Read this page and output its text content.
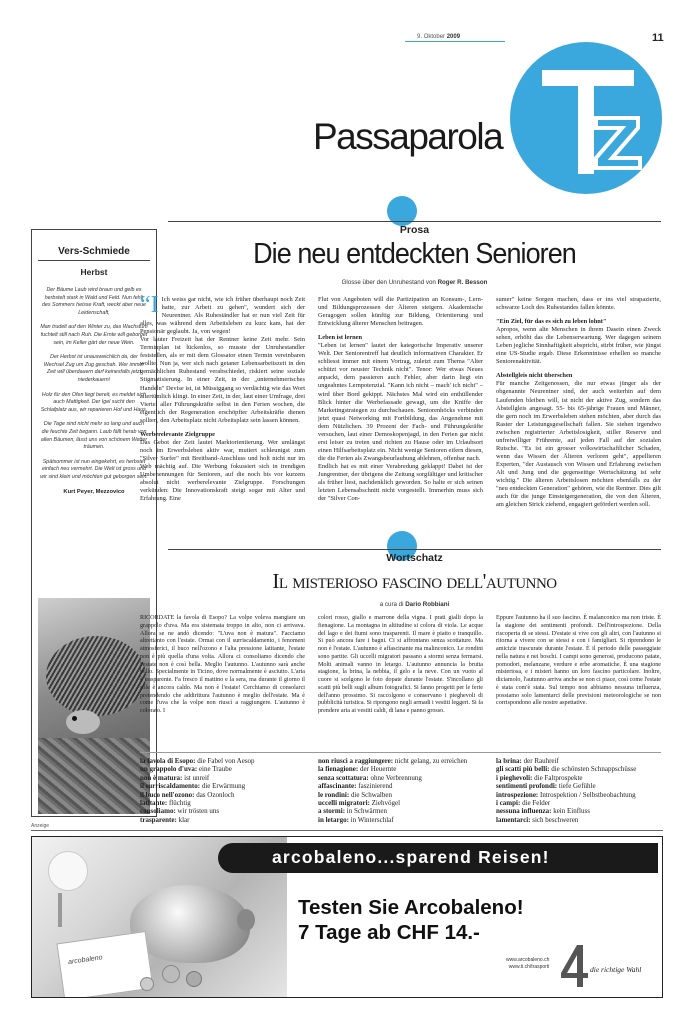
9. Oktober 2009	11
Passaparola
Vers-Schmiede
Herbst

Der Bäume Laub wird braun und gelb es herbstelt stark in Wald und Feld. Nun fehlt des Sommers heisse Kraft, weckt aber neue Leidenschaft,

Man trudelt auf den Winter zu, das Wachstum fuchtelt still nach Ruh. Die Ernte will geborget sein, im Keller gärt der neue Wein.

Der Herbst ist unausweichlich da, der Wechsel Zug um Zug geschah. Wer immer Zeit will überdauern darf keinesfalls jetzt niederkauern!

Holz für den Ofen liegt bereit, es meldet sich auch Mattigkeit. Der Igel sucht den Schlafplatz aus, wir reparieren Hof und Haus.

Die Tage sind nicht mehr so lang und auch die feuchte Zeit begann. Laub fällt herab von allen Bäumen, lässt uns von schönem Wetter träumen.

Spätsommer ist nun eingekehrt, es herbstet einfach neu vermehrt. Die Welt ist gross und wir sind klein und möchten gut geborgen sein.

Kurt Peyer, Mezzovico
Prosa
Die neu entdeckten Senioren
Glosse über den Unruhestand von Roger R. Besson

“I Ich weiss gar nicht, wie ich früher überhaupt noch Zeit hatte, zur Arbeit zu gehen", wundert sich der Neurentner. Als Ruheständler hat er nun viel Zeit für alles, was während dem Arbeitsleben zu kurz kam, hat der Pensionär geglaubt. Ja, von wegen!

Vor lauter Freizeit hat der Rentner keine Zeit mehr. Sein Terminplan ist lückenlos, so musste der Unruhestandler feststellen, als er mit dem Glossator einen Termin vereinbaren wollte. Nun ja, wer sich nach getaner Lebensarbeitszeit in den gemächlichen Ruhestand verabschiedet, riskiert seine soziale Stigmatisierung. In einer Zeit, in der „unternehmerisches Handeln" Devise ist, ist Müssiggang so verdächtig wie das Wort altertümlich klingt. In einer Zeit, in der, laut einer Umfrage, drei Viertel aller Führungskräfte selbst in den Ferien wochen, die eigentlich der Regeneration erschöpfter Arbeitskräfte dienen sollten, den Arbeitsplatz nicht Arbeitsplatz sein lassen können.

Werberelevante Zielgruppe

Das Gebot der Zeit lautet Marktorientierung. Wer umlängst noch im Erwerbsleben aktiv war, mutiert schleunigst zum "Silver Surfer" mit Breitband-Anschluss und holt nicht nur im Web mächtig auf. Die Werbung fokussiert sich in trendigen Umbenennungen für Senioren, auf die noch bis vor kurzem absolut nicht werberelevante Zielgruppe. Forschungen verkünden: Die Innovationskraft steigt sogar mit Alter und Erfahrung. Eine

Flut von Angeboten will die Partizipation an Konsum-, Lern- und Bildungsprozessen der Älteren steigern. Akademische Geragogen sollen künftig zur Bildung, Orientierung und Entwicklung älterer Menschen beitragen.

Leben ist lernen

"Leben ist lernen" lautet der kategorische Imperativ unserer Welt. Der Seniorentreff hat deutlich informativen Charakter. Er schliesst immer mit einem Vortrag, zuletzt zum Thema "Alter schützt vor neuster Technik nicht". Tenor: Wer etwas Neues anpackt, dem passieren auch Fehler, aber darin liegt ein ungeahntes Lernpotenzial. "Kann ich nicht – mach' ich nicht" – wird über Bord gekippt. Nächstes Mal wird ein enthüllender Blick hinter die Werbefassade gewagt, um die Kniffe der Marketingstrategen zu durchschauen. Seniorenhöcks verbinden jetzt quasi Networking mit Fortbildung, das Angenehme mit dem Nützlichen. 39 Prozent der Fach- und Führungskräfte versuchen, laut einer Demoskopenjagd, in den Ferien gar nicht erst leiser zu treten und richten zu Hause oder im Urlaubsort einen Hilfsarbeitsplatz ein. Nicht wenige Senioren eifern diesen, die die Ferien als Zwangsbeurlaubung ablehnen, offenbar nach.

Endlich hat es mit einer Verabredung geklappt! Dabei ist der Jungrentner, der übrigens die Zeitung sorgfältiger und kritischer als früher liest, nachdenklich geworden. So halte er sich seinen letzten Lebensabschnitt nicht vorgestellt. Immerhin muss sich der "Silver Con-

sumer" keine Sorgen machen, dass er ins viel strapazierte, schwarze Loch des Ruhestandes fallen könnte.

"Ein Ziel, für das es sich zu leben lohnt"

Apropos, wenn alte Menschen in ihrem Dasein einen Zweck sehen, erhöht das die Lebenserwartung. Wer dagegen seinem Leben jegliche Sinnhaftigkeit abspricht, stirbt früher, wie jüngst eine US-Studie ergab. Diese Erkenntnisse erhellen so manche Seniorenaktivität.

Abstellgleis nicht überschen

Für manche Zeitgenossen, die nur etwas jünger als der obgenannte Neurentner sind, der auch weiterhin auf dem Laufenden bleiben will, ist nicht der aktive Zug, sondern das Abstellgleis angesagt. 55- bis 65-jährige Frauen und Männer, die gern noch im Erwerbsleben stehen möchten, aber durch das Raster der Leistungsgesellschaft fallen. Sie stehen irgendwo zwischen registrierter Arbeitslosigkeit, stiller Reserve und unfreiwilliger Frührente, auf jeden Fall auf der sozialen Rutsche. "Es ist ein grosser volkswirtschaftlicher Schaden, wenn das Wissen der Älteren verloren geht", appellieren Experten, "der Austausch von Wissen und Erfahrung zwischen Alt und Jung und die gegenseitige Wertschätzung ist sehr wichtig." Die älteren Arbeitslosen möchten ebenfalls zu der "neu entdeckten Generation" gehören, wie die Rentner. Dies gilt auch für die junge Einsteigergeneration, die von den Älteren, am gleichen Strick ziehend, engagiert gefördert werden soll.

Wortschatz
Il misterioso fascino dell'autunno
a cura di Dario Robbiani

RICORDATE la favola di Esopo? La volpe voleva mangiare un grappolo d'uva. Ma era sistemata troppo in alto, non ci arrivava. Allora se ne andò dicendo: "L'uva non è matura". Facciamo altrettanto con l'estate. Ormai con il surriscaldamento, i fenomeni atmosferici, il buco nell'ozono e l'alta pressione latitante, l'estate non è più quella d'una volta. Allora ci consoliamo dicendo che l'estate non è così bella. Meglio l'autunno. L'autunno sarà anche bello. Specialmente in Ticino, dove normalmente è asciutto. L'aria è trasparente. Fa fresco il mattino e la sera, ma durante il giorno il sole è ancora caldo. Ma non è l'estate! Cerchiamo di consolarci pretendendo che addirittura l'autunno è meglio dell'estate. Ma è come l'uva che la volpe non riuscì a raggiungere. L'autunno è colorato. I

colori rosso, giallo e marrone della vigna. I prati gialli dopo la fienagione. La montagna in altitudine si colora di viola. Le acque del lago e dei fiumi sono trasparenti. Il mare è piatto e tranquillo. Si può ancora fare i bagni. Ci si affrontano senza scottature. Ma non è l'estate. L'autunno è affascinante ma malinconico. Le rondini sono partite. Gli uccelli migratori passano a stormi senza fermarsi. Molti animali vanno in letargo. L'autunno annuncia la brutta stagione, la brina, la nebbia, il gelo e la neve. Con un vuoto al cuore si scelgono le foto dopate durante l'estate. S'incollano gli scatti più belli sugli album fotografici. Si fanno progetti per le ferie dell'anno prossimo. Si raccolgono e conservano i pieghevoli di pubblicità turistica. Si ripongono negli armadi i vestiti leggeri. Si fa prendere aria ai vestiti caldi, di lana e panno grosso.

Eppure l'autunno ha il suo fascino. È malanconico ma non triste. È la stagione dei sentimenti profondi. Dell'introspezione. Della riscoperta di se stessi. D'estate si vive con gli altri, con l'autunno si ritorna a vivere con se stessi e con i famigliari. Si riprendono le amicizie trascurate durante l'estate. È il periodo delle passeggiate nella natura e nei boschi. I campi sono generosi, producono patate, pomodori, melanzane, verdure e erbe aromatiche. È una stagione misteriosa, e i misteri hanno un loro fascino particolare. Inoltre, diciamolo, l'autunno arriva anche se non ci piace, così come l'estate è stata com'è stata. Sul tempo non abbiamo nessuna influenza, possiamo solo lamentarci delle previsioni meteorologiche se non corrispondono alle nostre aspettative.

la favola di Esopo: die Fabel von Aesop
un grappolo d'uva: eine Traube
non è matura: ist unreif
il surriscaldamento: die Erwärmung
il buco nell'ozono: das Ozonloch
latitante: flüchtig
consoliamo: wir trösten uns
trasparente: klar
non riuscì a raggiungere: nicht gelang, zu erreichen
la fienagione: der Heuernte
senza scottatura: ohne Verbrennung
affascinante: faszinierend
le rondini: die Schwalben
uccelli migratori: Ziehvögel
a stormi: in Schwärmen
in letargo: in Winterschlaf
la brina: der Rauhreif
gli scatti più belli: die schönsten Schnappschüsse
i pieghevoli: die Faltprospekte
sentimenti profondi: tiefe Gefühle
introspezione: Introspektion / Selbstbeobachtung
i campi: die Felder
nessuna influenza: kein Einfluss
lamentarci: sich beschweren
Anzeige
arcobaleno
arcobaleno...sparend Reisen!
Testen Sie Arcobaleno!
7 Tage ab CHF 14.-
www.arcobaleno.ch
www.ti.ch/trasporti	die richtige Wahl
